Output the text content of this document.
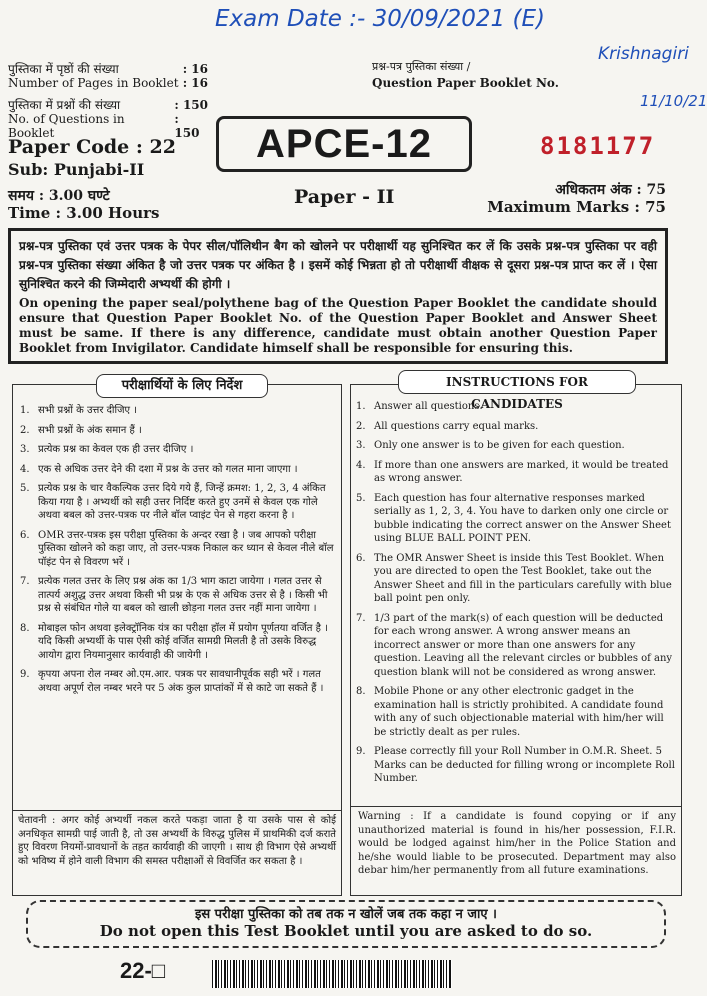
Exam Date :- 30/09/2021 (E)
Krishnagiri
11/10/21
पुस्तिका में पृष्ठों की संख्या	: 16
Number of Pages in Booklet : 16
पुस्तिका में प्रश्नों की संख्या	: 150
No. of Questions in Booklet
: 150
Paper Code : 22
Sub: Punjabi-II
समय : 3.00 घण्टे
Time : 3.00 Hours
प्रश्न-पत्र पुस्तिका संख्या /
Question Paper Booklet No.
APCE-12	8181177
Paper - II	अधिकतम अंक : 75
Maximum Marks : 75
प्रश्न-पत्र पुस्तिका एवं उत्तर पत्रक के पेपर सील/पॉलिथीन बैग को खोलने पर परीक्षार्थी यह सुनिश्चित कर लें कि उसके प्रश्न-पत्र पुस्तिका पर वही प्रश्न-पत्र पुस्तिका संख्या अंकित है जो उत्तर पत्रक पर अंकित है । इसमें कोई भिन्नता हो तो परीक्षार्थी वीक्षक से दूसरा प्रश्न-पत्र प्राप्त कर लें । ऐसा सुनिश्चित करने की जिम्मेदारी अभ्यर्थी की होगी ।
On opening the paper seal/polythene bag of the Question Paper Booklet the candidate should ensure that Question Paper Booklet No. of the Question Paper Booklet and Answer Sheet must be same. If there is any difference, candidate must obtain another Question Paper Booklet from Invigilator. Candidate himself shall be responsible for ensuring this.
परीक्षार्थियों के लिए निर्देश
1. सभी प्रश्नों के उत्तर दीजिए ।
2. सभी प्रश्नों के अंक समान हैं ।
3. प्रत्येक प्रश्न का केवल एक ही उत्तर दीजिए ।
4. एक से अधिक उत्तर देने की दशा में प्रश्न के उत्तर को गलत माना जाएगा ।
5. प्रत्येक प्रश्न के चार वैकल्पिक उत्तर दिये गये हैं, जिन्हें क्रमश: 1, 2, 3, 4 अंकित किया गया है । अभ्यर्थी को सही उत्तर निर्दिष्ट करते हुए उनमें से केवल एक गोले अथवा बबल को उत्तर-पत्रक पर नीले बॉल प्वाइंट पेन से गहरा करना है ।
6. OMR उत्तर-पत्रक इस परीक्षा पुस्तिका के अन्दर रखा है । जब आपको परीक्षा पुस्तिका खोलने को कहा जाए, तो उत्तर-पत्रक निकाल कर ध्यान से केवल नीले बॉल पॉइंट पेन से विवरण भरें ।
7. प्रत्येक गलत उत्तर के लिए प्रश्न अंक का 1/3 भाग काटा जायेगा । गलत उत्तर से तात्पर्य अशुद्ध उत्तर अथवा किसी भी प्रश्न के एक से अधिक उत्तर से है । किसी भी प्रश्न से संबंधित गोले या बबल को खाली छोड़ना गलत उत्तर नहीं माना जायेगा ।
8. मोबाइल फोन अथवा इलेक्ट्रॉनिक यंत्र का परीक्षा हॉल में प्रयोग पूर्णतया वर्जित है । यदि किसी अभ्यर्थी के पास ऐसी कोई वर्जित सामग्री मिलती है तो उसके विरुद्ध आयोग द्वारा नियमानुसार कार्यवाही की जायेगी ।
9. कृपया अपना रोल नम्बर ओ.एम.आर. पत्रक पर सावधानीपूर्वक सही भरें । गलत अथवा अपूर्ण रोल नम्बर भरने पर 5 अंक कुल प्राप्तांकों में से काटे जा सकते हैं ।
चेतावनी : अगर कोई अभ्यर्थी नकल करते पकड़ा जाता है या उसके पास से कोई अनधिकृत सामग्री पाई जाती है, तो उस अभ्यर्थी के विरुद्ध पुलिस में प्राथमिकी दर्ज कराते हुए विवरण नियमों-प्रावधानों के तहत कार्यवाही की जाएगी । साथ ही विभाग ऐसे अभ्यर्थी को भविष्य में होने वाली विभाग की समस्त परीक्षाओं से विवर्जित कर सकता है ।
INSTRUCTIONS FOR CANDIDATES
1. Answer all questions.
2. All questions carry equal marks.
3. Only one answer is to be given for each question.
4. If more than one answers are marked, it would be treated as wrong answer.
5. Each question has four alternative responses marked serially as 1, 2, 3, 4. You have to darken only one circle or bubble indicating the correct answer on the Answer Sheet using BLUE BALL POINT PEN.
6. The OMR Answer Sheet is inside this Test Booklet. When you are directed to open the Test Booklet, take out the Answer Sheet and fill in the particulars carefully with blue ball point pen only.
7. 1/3 part of the mark(s) of each question will be deducted for each wrong answer. A wrong answer means an incorrect answer or more than one answers for any question. Leaving all the relevant circles or bubbles of any question blank will not be considered as wrong answer.
8. Mobile Phone or any other electronic gadget in the examination hall is strictly prohibited. A candidate found with any of such objectionable material with him/her will be strictly dealt as per rules.
9. Please correctly fill your Roll Number in O.M.R. Sheet. 5 Marks can be deducted for filling wrong or incomplete Roll Number.
Warning : If a candidate is found copying or if any unauthorized material is found in his/her possession, F.I.R. would be lodged against him/her in the Police Station and he/she would liable to be prosecuted. Department may also debar him/her permanently from all future examinations.
इस परीक्षा पुस्तिका को तब तक न खोलें जब तक कहा न जाए ।
Do not open this Test Booklet until you are asked to do so.
22-□
